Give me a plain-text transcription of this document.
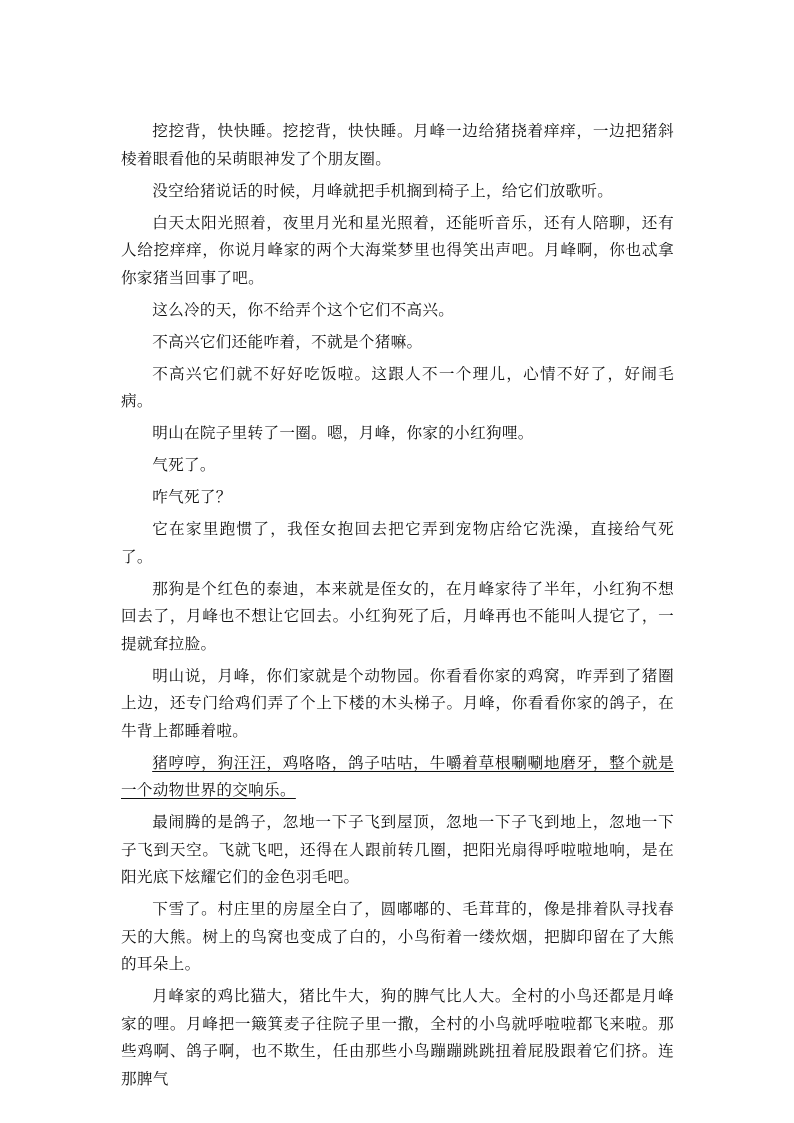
挖挖背，快快睡。挖挖背，快快睡。月峰一边给猪挠着痒痒，一边把猪斜棱着眼看他的呆萌眼神发了个朋友圈。

没空给猪说话的时候，月峰就把手机搁到椅子上，给它们放歌听。

白天太阳光照着，夜里月光和星光照着，还能听音乐，还有人陪聊，还有人给挖痒痒，你说月峰家的两个大海棠梦里也得笑出声吧。月峰啊，你也忒拿你家猪当回事了吧。

这么冷的天，你不给弄个这个它们不高兴。

不高兴它们还能咋着，不就是个猪嘛。

不高兴它们就不好好吃饭啦。这跟人不一个理儿，心情不好了，好闹毛病。

明山在院子里转了一圈。嗯，月峰，你家的小红狗哩。

气死了。

咋气死了？

它在家里跑惯了，我侄女抱回去把它弄到宠物店给它洗澡，直接给气死了。

那狗是个红色的泰迪，本来就是侄女的，在月峰家待了半年，小红狗不想回去了，月峰也不想让它回去。小红狗死了后，月峰再也不能叫人提它了，一提就耷拉脸。

明山说，月峰，你们家就是个动物园。你看看你家的鸡窝，咋弄到了猪圈上边，还专门给鸡们弄了个上下楼的木头梯子。月峰，你看看你家的鸽子，在牛背上都睡着啦。

猪哼哼，狗汪汪，鸡咯咯，鸽子咕咕，牛嚼着草根唰唰地磨牙，整个就是一个动物世界的交响乐。

最闹腾的是鸽子，忽地一下子飞到屋顶，忽地一下子飞到地上，忽地一下子飞到天空。飞就飞吧，还得在人跟前转几圈，把阳光扇得呼啦啦地响，是在阳光底下炫耀它们的金色羽毛吧。

下雪了。村庄里的房屋全白了，圆嘟嘟的、毛茸茸的，像是排着队寻找春天的大熊。树上的鸟窝也变成了白的，小鸟衔着一缕炊烟，把脚印留在了大熊的耳朵上。

月峰家的鸡比猫大，猪比牛大，狗的脾气比人大。全村的小鸟还都是月峰家的哩。月峰把一簸箕麦子往院子里一撒，全村的小鸟就呼啦啦都飞来啦。那些鸡啊、鸽子啊，也不欺生，任由那些小鸟蹦蹦跳跳扭着屁股跟着它们挤。连那脾气
